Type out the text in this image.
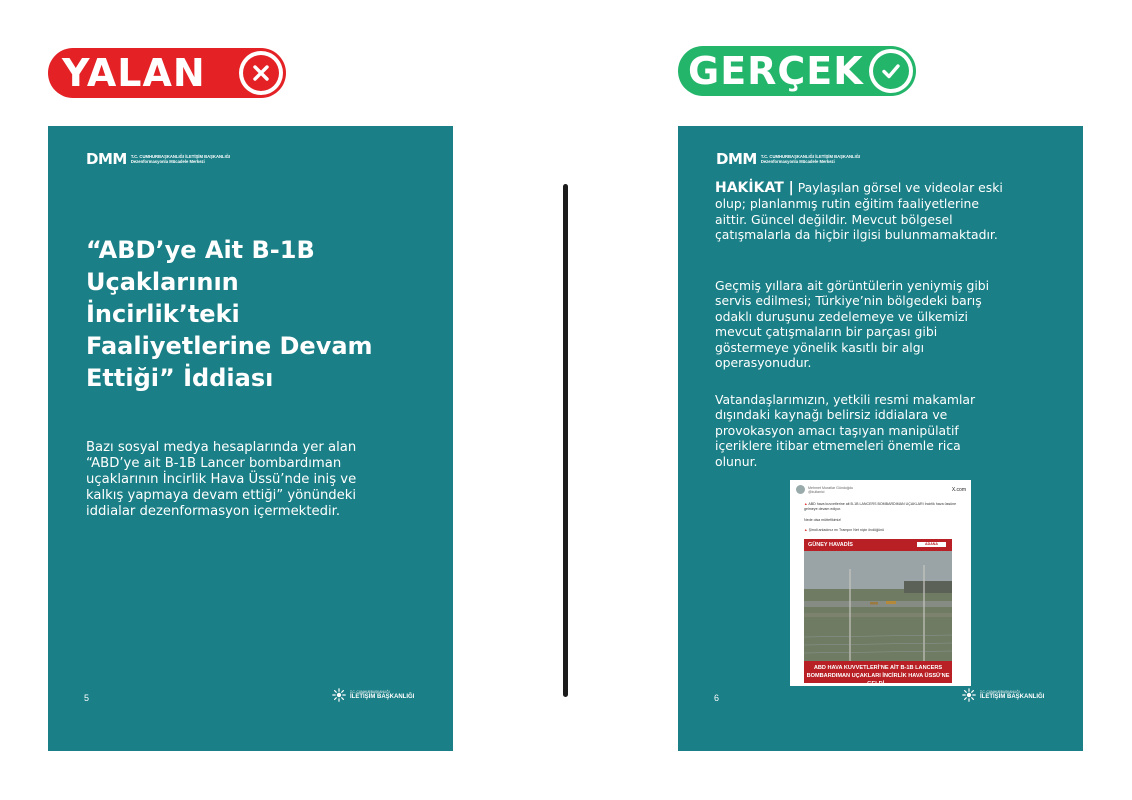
YALAN	GERÇEK
DMM T.C. CUMHURBAŞKANLIĞI İLETİŞİM BAŞKANLIĞI
Dezenformasyonla Mücadele Merkezi
“ABD’ye Ait B-1B Uçaklarının İncirlik’teki Faaliyetlerine Devam Ettiği” İddiası
Bazı sosyal medya hesaplarında yer alan “ABD’ye ait B-1B Lancer bombardıman uçaklarının İncirlik Hava Üssü’nde iniş ve kalkış yapmaya devam ettiği” yönündeki iddialar dezenformasyon içermektedir.
5
T.C. CUMHURBAŞKANLIĞI
İLETİŞİM BAŞKANLIĞI
DMM T.C. CUMHURBAŞKANLIĞI İLETİŞİM BAŞKANLIĞI
Dezenformasyonla Mücadele Merkezi
HAKİKAT | Paylaşılan görsel ve videolar eski olup; planlanmış rutin eğitim faaliyetlerine aittir. Güncel değildir. Mevcut bölgesel çatışmalarla da hiçbir ilgisi bulunmamaktadır.
Geçmiş yıllara ait görüntülerin yeniymiş gibi servis edilmesi; Türkiye’nin bölgedeki barış odaklı duruşunu zedelemeye ve ülkemizi mevcut çatışmaların bir parçası gibi göstermeye yönelik kasıtlı bir algı operasyonudur.
Vatandaşlarımızın, yetkili resmi makamlar dışındaki kaynağı belirsiz iddialara ve provokasyon amacı taşıyan manipülatif içeriklere itibar etmemeleri önemle rica olunur.
Mehmet Muratlar Gündoğdu
@kullanici	X.com
▲ ABD hava kuvvetlerine ait B-1B LANCERS BOMBARDIMAN UÇAKLARI İncirlik hava üssüne gelmeye devam ediyor.
Nede olsa müttefikimiz!
▲ Şimdi anladınız mı Trampın Net niçin övdüğünü
GÜNEY HAVADİS	ADANA
ABD HAVA KUVVETLERİ’NE AİT B-1B LANCERS BOMBARDIMAN UÇAKLARI İNCİRLİK HAVA ÜSSÜ’NE GELDİ...
6
T.C. CUMHURBAŞKANLIĞI
İLETİŞİM BAŞKANLIĞI
